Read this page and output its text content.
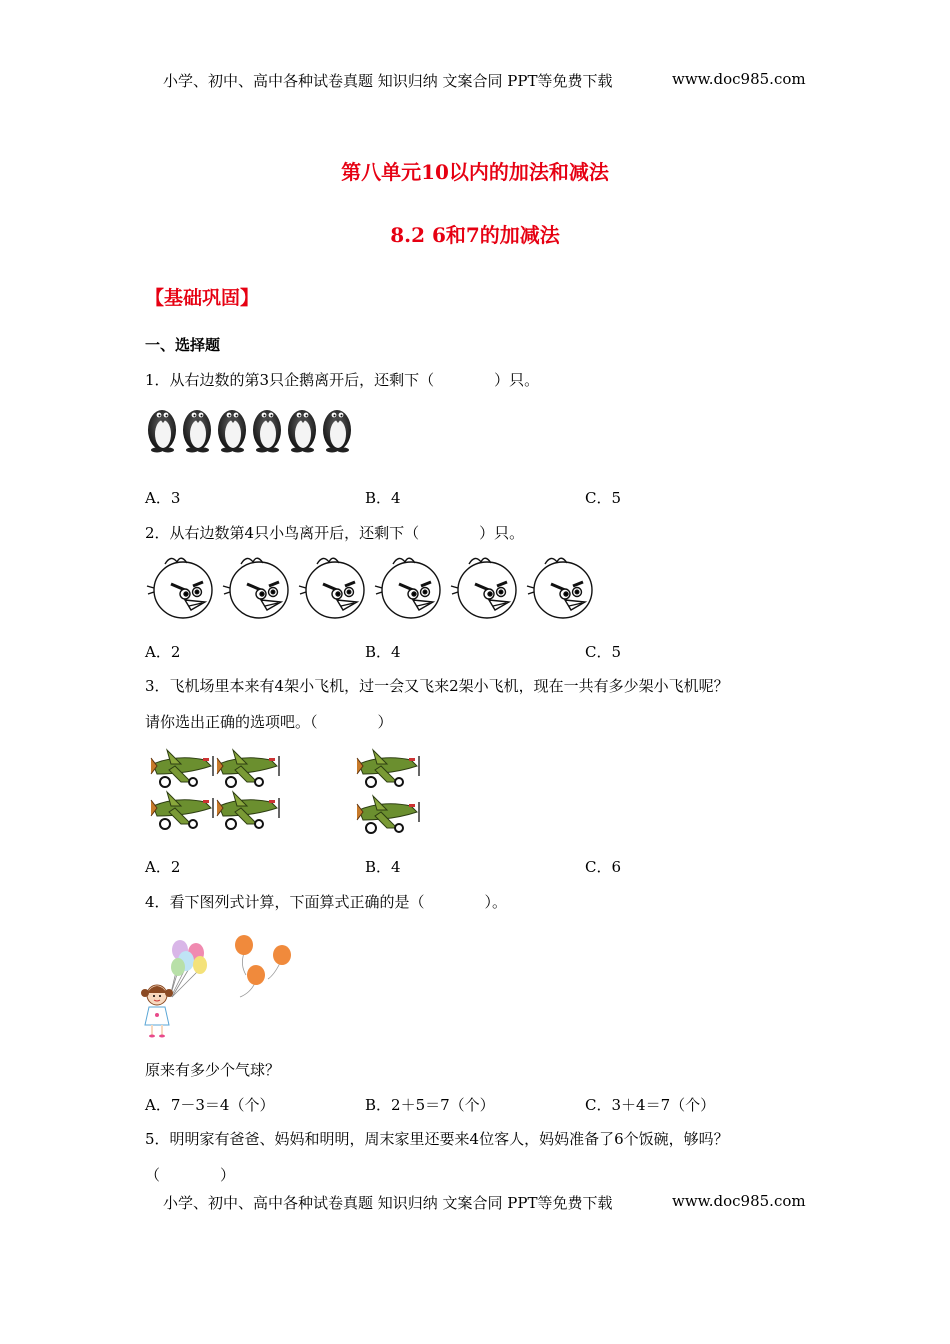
小学、初中、高中各种试卷真题 知识归纳 文案合同 PPT等免费下载	www.doc985.com
第八单元10以内的加法和减法
8.2 6和7的加减法
【基础巩固】
一、选择题
1．从右边数的第3只企鹅离开后，还剩下（　　　　）只。
A．3	B．4	C．5
2．从右边数第4只小鸟离开后，还剩下（　　　　）只。
A．2	B．4	C．5
3．飞机场里本来有4架小飞机，过一会又飞来2架小飞机，现在一共有多少架小飞机呢？
请你选出正确的选项吧。（　　　　）
A．2	B．4	C．6
4．看下图列式计算，下面算式正确的是（　　　　）。
原来有多少个气球？
A．7－3＝4（个）	B．2＋5＝7（个）	C．3＋4＝7（个）
5．明明家有爸爸、妈妈和明明，周末家里还要来4位客人，妈妈准备了6个饭碗，够吗？
（　　　　）
小学、初中、高中各种试卷真题 知识归纳 文案合同 PPT等免费下载	www.doc985.com
